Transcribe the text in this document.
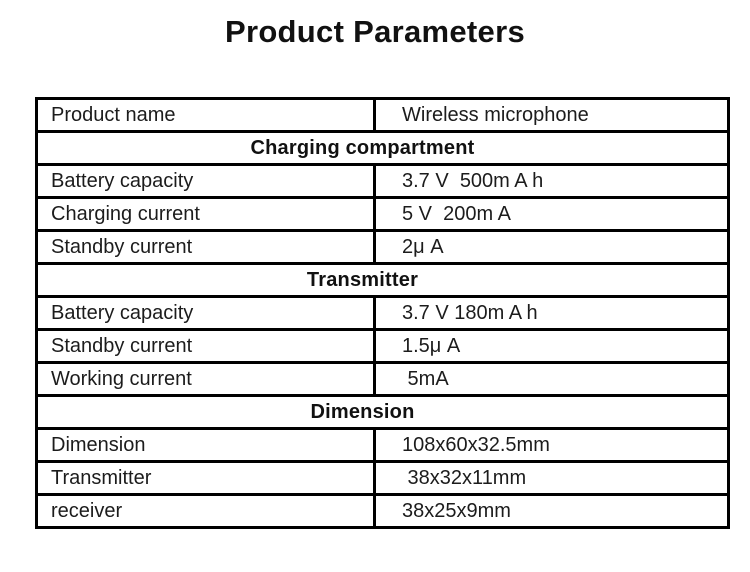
Product Parameters
Product name	Wireless microphone
Charging compartment	
Battery capacity	3.7 V  500m A h
Charging current	5 V  200m A
Standby current	2μ A
Transmitter	
Battery capacity	3.7 V 180m A h
Standby current	1.5μ A
Working current	5mA
Dimension	
Dimension	108x60x32.5mm
Transmitter	38x32x11mm
receiver	38x25x9mm
